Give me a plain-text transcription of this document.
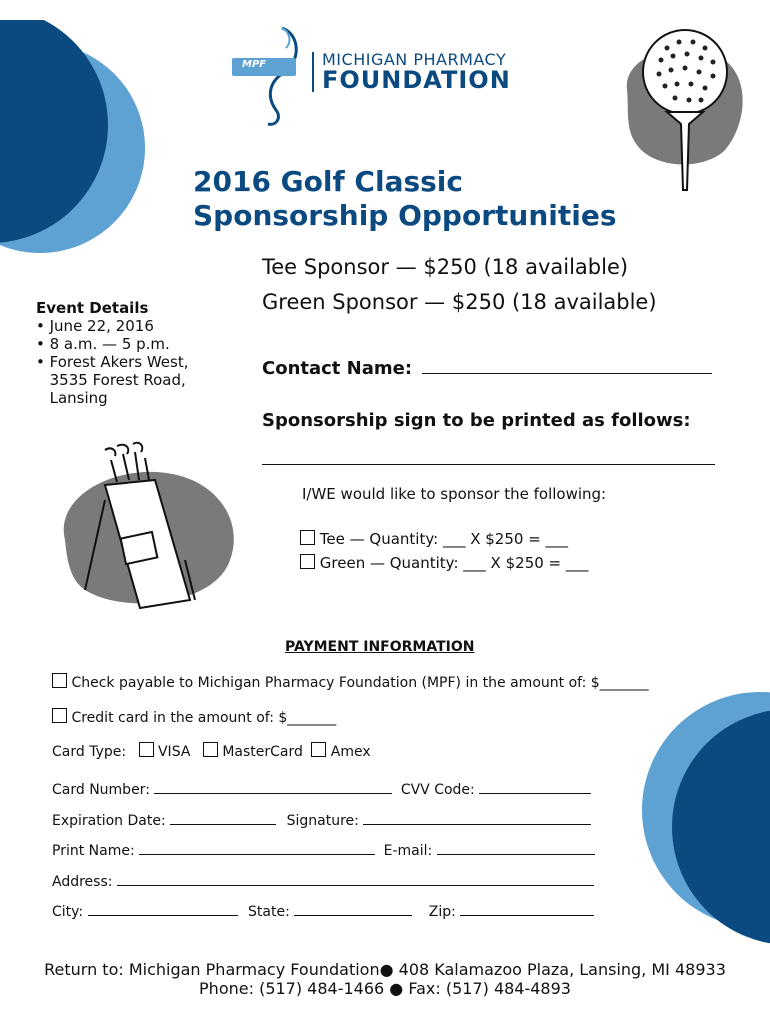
MPF	MICHIGAN PHARMACY
FOUNDATION
2016 Golf Classic
Sponsorship Opportunities
Tee Sponsor — $250 (18 available)
Green Sponsor — $250 (18 available)
Event Details
• June 22, 2016
• 8 a.m. — 5 p.m.
• Forest Akers West,
3535 Forest Road,
Lansing
Contact Name:
Sponsorship sign to be printed as follows:
I/WE would like to sponsor the following:
Tee — Quantity: ___ X $250 = ___
Green — Quantity: ___ X $250 = ___
PAYMENT INFORMATION
Check payable to Michigan Pharmacy Foundation (MPF) in the amount of: $_______
Credit card in the amount of: $_______
Card Type: VISA MasterCard Amex
Card Number:	CVV Code:
Expiration Date:	Signature:
Print Name:	E-mail:
Address:
City:	State:	Zip:
Return to: Michigan Pharmacy Foundation● 408 Kalamazoo Plaza, Lansing, MI 48933
Phone: (517) 484-1466 ● Fax: (517) 484-4893
